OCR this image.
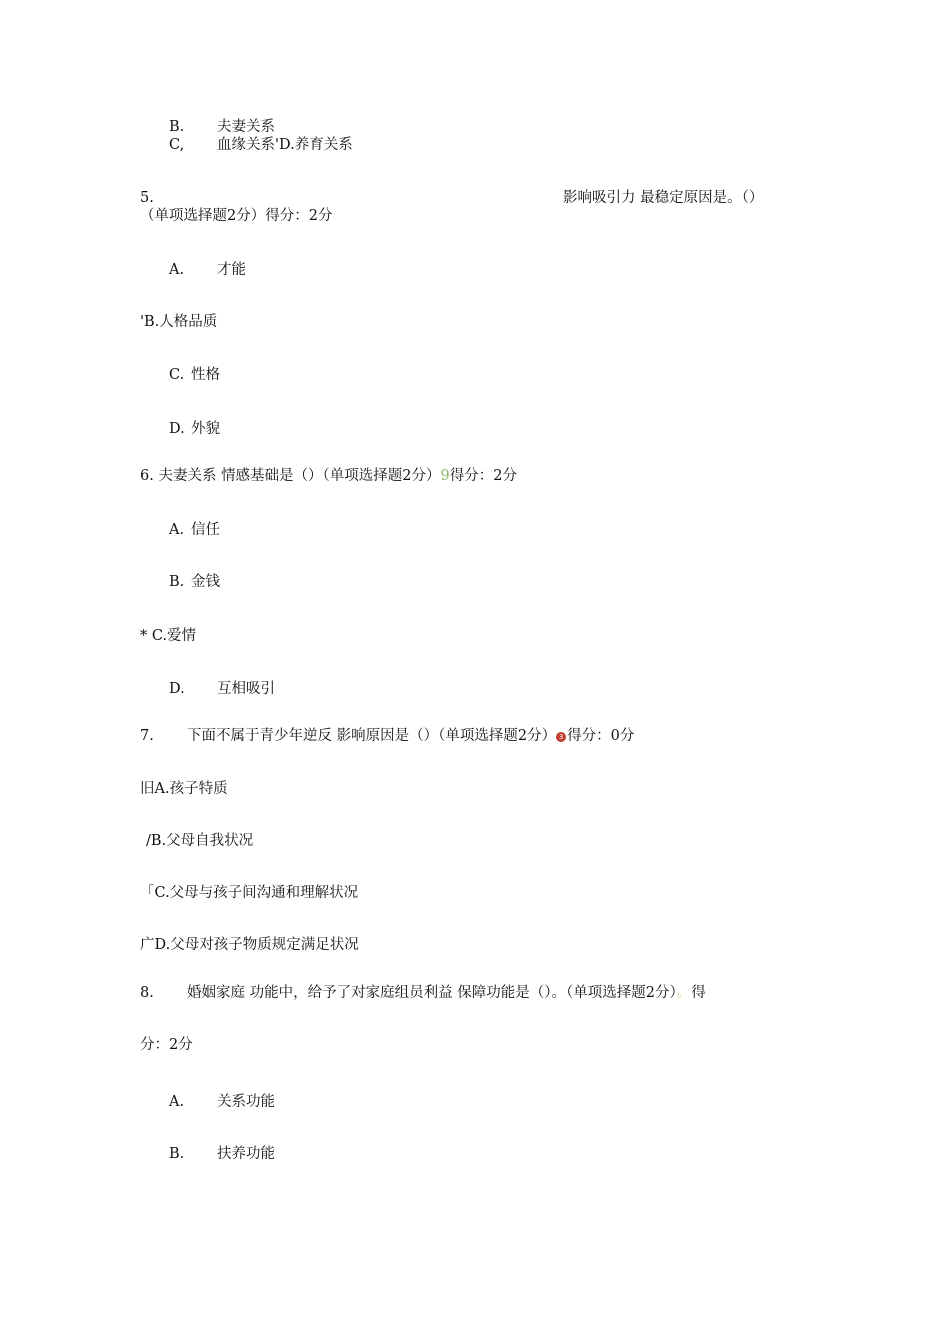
B. 夫妻关系
C, 血缘关系'D.养育关系
5.	影响吸引力 最稳定原因是。（）
（单项选择题2分）得分：2分
A. 才能
'B.人格品质
C. 性格
D. 外貌
6. 夫妻关系 情感基础是（）（单项选择题2分）9得分：2分
A. 信任
B. 金钱
* C.爱情
D. 互相吸引
7. 下面不属于青少年逆反 影响原因是（）（单项选择题2分） 3 得分：0分
旧A.孩子特质
/B.父母自我状况
「C.父母与孩子间沟通和理解状况
广D.父母对孩子物质规定满足状况
8. 婚姻家庭 功能中，给予了对家庭组员利益 保障功能是（）。（单项选择题2分）。得
分：2分
A. 关系功能
B. 扶养功能
